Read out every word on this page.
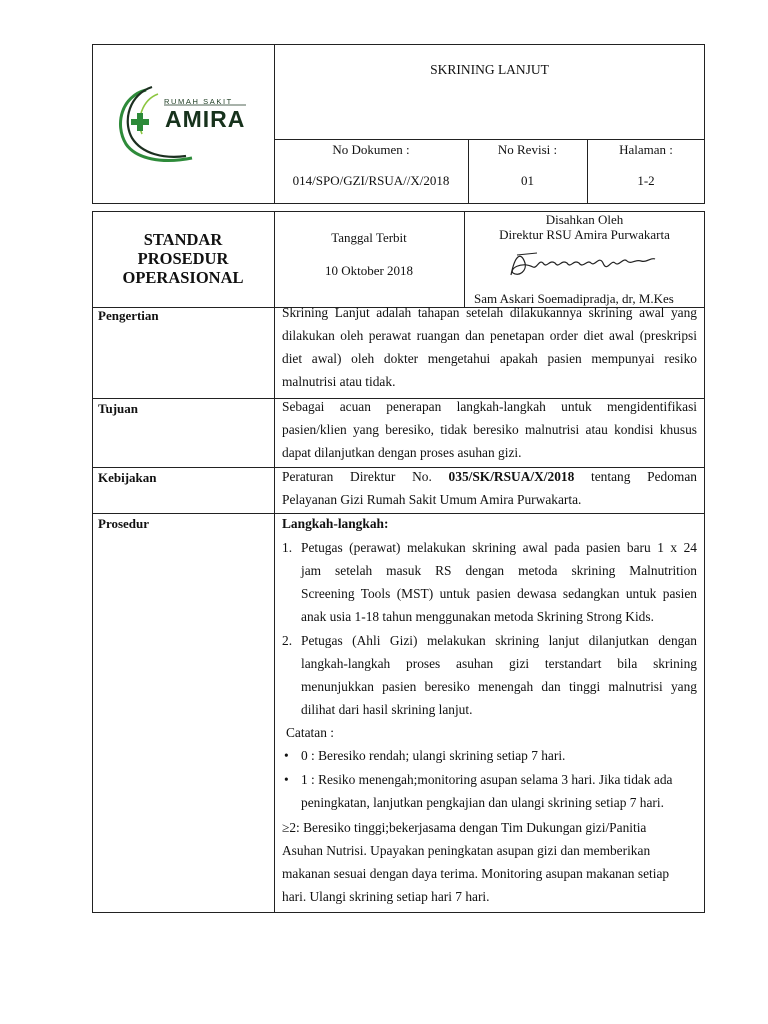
RUMAH SAKIT
AMIRA
SKRINING LANJUT
No Dokumen :
014/SPO/GZI/RSUA//X/2018
No Revisi :
01
Halaman :
1-2
STANDAR
PROSEDUR
OPERASIONAL
Tanggal Terbit
10 Oktober 2018
Disahkan Oleh
Direktur RSU Amira Purwakarta
Sam Askari Soemadipradja, dr, M.Kes
Pengertian	Skrining Lanjut adalah tahapan setelah dilakukannya skrining awal yang
dilakukan oleh perawat ruangan dan penetapan order diet awal (preskripsi
diet awal) oleh dokter mengetahui apakah pasien mempunyai resiko
malnutrisi atau tidak.
Tujuan	Sebagai acuan penerapan langkah-langkah untuk mengidentifikasi
pasien/klien yang beresiko, tidak beresiko malnutrisi atau kondisi khusus
dapat dilanjutkan dengan proses asuhan gizi.
Kebijakan	Peraturan Direktur No. 035/SK/RSUA/X/2018 tentang Pedoman
Pelayanan Gizi Rumah Sakit Umum Amira Purwakarta.
Prosedur	Langkah-langkah:
1. Petugas (perawat) melakukan skrining awal pada pasien baru 1 x 24
jam setelah masuk RS dengan metoda skrining Malnutrition
Screening Tools (MST) untuk pasien dewasa sedangkan untuk pasien
anak usia 1-18 tahun menggunakan metoda Skrining Strong Kids.
2. Petugas (Ahli Gizi) melakukan skrining lanjut dilanjutkan dengan
langkah-langkah proses asuhan gizi terstandart bila skrining
menunjukkan pasien beresiko menengah dan tinggi malnutrisi yang
dilihat dari hasil skrining lanjut.
Catatan :
• 0 : Beresiko rendah; ulangi skrining setiap 7 hari.
• 1 : Resiko menengah;monitoring asupan selama 3 hari. Jika tidak ada
peningkatan, lanjutkan pengkajian dan ulangi skrining setiap 7 hari.
≥2: Beresiko tinggi;bekerjasama dengan Tim Dukungan gizi/Panitia
Asuhan Nutrisi. Upayakan peningkatan asupan gizi dan memberikan
makanan sesuai dengan daya terima. Monitoring asupan makanan setiap
hari. Ulangi skrining setiap hari 7 hari.
